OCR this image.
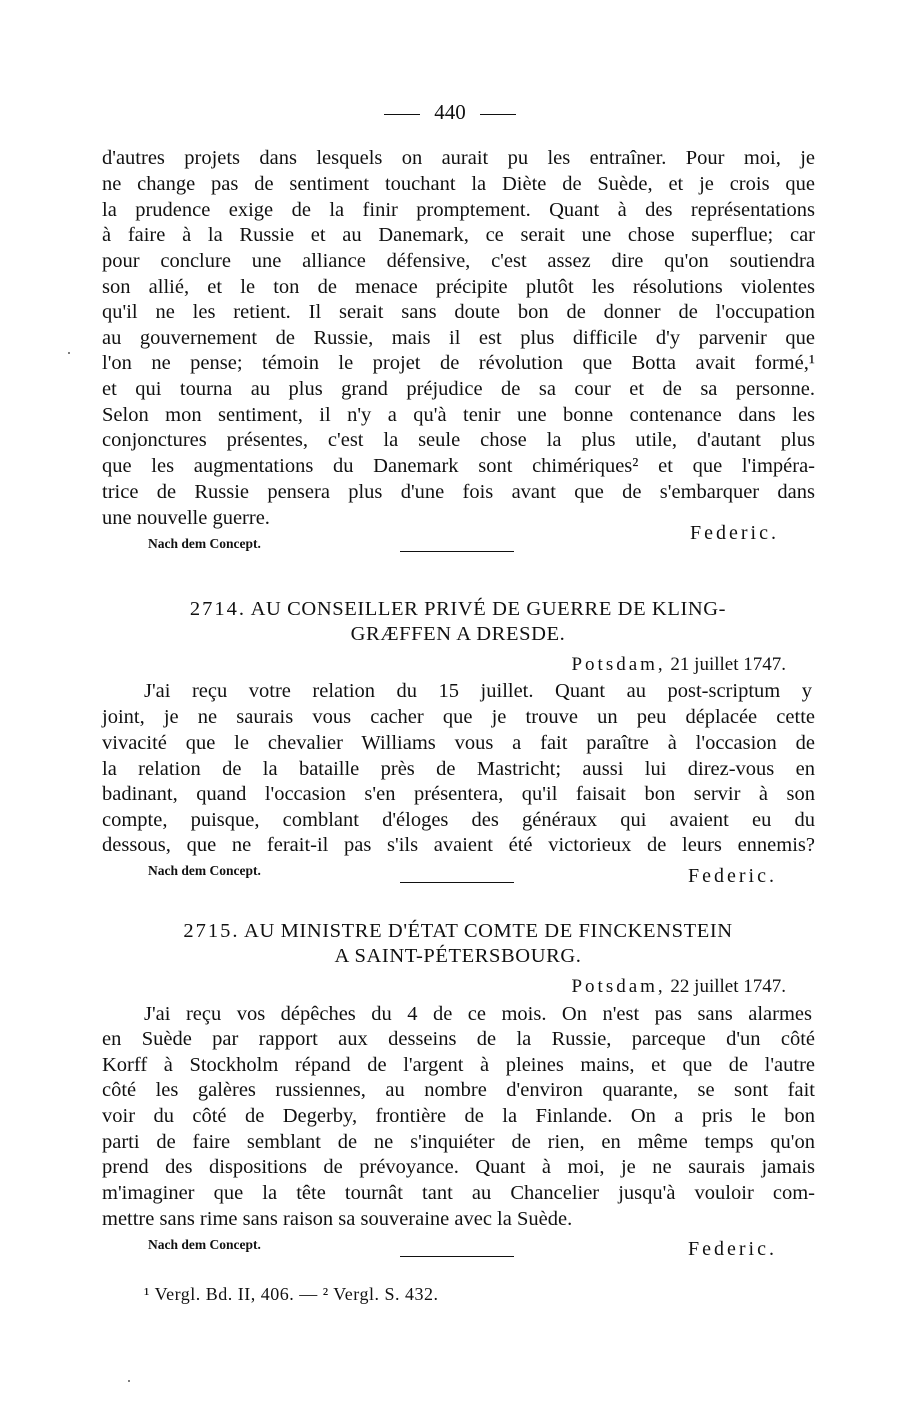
440
d'autres projets dans lesquels on aurait pu les entraîner. Pour moi, je
ne change pas de sentiment touchant la Diète de Suède, et je crois que
la prudence exige de la finir promptement. Quant à des représentations
à faire à la Russie et au Danemark, ce serait une chose superflue; car
pour conclure une alliance défensive, c'est assez dire qu'on soutiendra
son allié, et le ton de menace précipite plutôt les résolutions violentes
qu'il ne les retient. Il serait sans doute bon de donner de l'occupation
au gouvernement de Russie, mais il est plus difficile d'y parvenir que
l'on ne pense; témoin le projet de révolution que Botta avait formé,¹
et qui tourna au plus grand préjudice de sa cour et de sa personne.
Selon mon sentiment, il n'y a qu'à tenir une bonne contenance dans les
conjonctures présentes, c'est la seule chose la plus utile, d'autant plus
que les augmentations du Danemark sont chimériques² et que l'impéra-
trice de Russie pensera plus d'une fois avant que de s'embarquer dans
une nouvelle guerre.
Federic.
Nach dem Concept.
2714. AU CONSEILLER PRIVÉ DE GUERRE DE KLING-
GRÆFFEN A DRESDE.
Potsdam, 21 juillet 1747.
J'ai reçu votre relation du 15 juillet. Quant au post-scriptum y
joint, je ne saurais vous cacher que je trouve un peu déplacée cette
vivacité que le chevalier Williams vous a fait paraître à l'occasion de
la relation de la bataille près de Mastricht; aussi lui direz-vous en
badinant, quand l'occasion s'en présentera, qu'il faisait bon servir à son
compte, puisque, comblant d'éloges des généraux qui avaient eu du
dessous, que ne ferait-il pas s'ils avaient été victorieux de leurs ennemis?
Nach dem Concept.	Federic.
2715. AU MINISTRE D'ÉTAT COMTE DE FINCKENSTEIN
A SAINT-PÉTERSBOURG.
Potsdam, 22 juillet 1747.
J'ai reçu vos dépêches du 4 de ce mois. On n'est pas sans alarmes
en Suède par rapport aux desseins de la Russie, parceque d'un côté
Korff à Stockholm répand de l'argent à pleines mains, et que de l'autre
côté les galères russiennes, au nombre d'environ quarante, se sont fait
voir du côté de Degerby, frontière de la Finlande. On a pris le bon
parti de faire semblant de ne s'inquiéter de rien, en même temps qu'on
prend des dispositions de prévoyance. Quant à moi, je ne saurais jamais
m'imaginer que la tête tournât tant au Chancelier jusqu'à vouloir com-
mettre sans rime sans raison sa souveraine avec la Suède.
Nach dem Concept.	Federic.
¹ Vergl. Bd. II, 406. — ² Vergl. S. 432.
